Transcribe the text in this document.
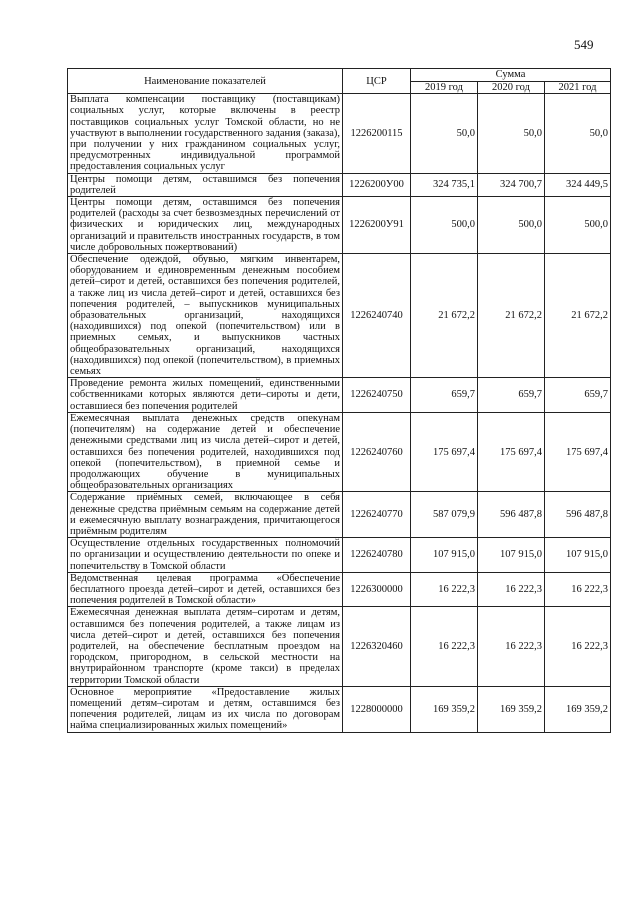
549
Наименование показателей	ЦСР	Сумма		
		2019 год	2020 год	2021 год
Выплата компенсации поставщику (поставщикам) социальных услуг, которые включены в реестр поставщиков социальных услуг Томской области, но не участвуют в выполнении государственного задания (заказа), при получении у них гражданином социальных услуг, предусмотренных индивидуальной программой предоставления социальных услуг	1226200115	50,0	50,0	50,0
Центры помощи детям, оставшимся без попечения родителей	1226200У00	324 735,1	324 700,7	324 449,5
Центры помощи детям, оставшимся без попечения родителей (расходы за счет безвозмездных перечислений от физических и юридических лиц, международных организаций и правительств иностранных государств, в том числе добровольных пожертвований)	1226200У91	500,0	500,0	500,0
Обеспечение одеждой, обувью, мягким инвентарем, оборудованием и единовременным денежным пособием детей–сирот и детей, оставшихся без попечения родителей, а также лиц из числа детей–сирот и детей, оставшихся без попечения родителей, – выпускников муниципальных образовательных организаций, находящихся (находившихся) под опекой (попечительством) или в приемных семьях, и выпускников частных общеобразовательных организаций, находящихся (находившихся) под опекой (попечительством), в приемных семьях	1226240740	21 672,2	21 672,2	21 672,2
Проведение ремонта жилых помещений, единственными собственниками которых являются дети–сироты и дети, оставшиеся без попечения родителей	1226240750	659,7	659,7	659,7
Ежемесячная выплата денежных средств опекунам (попечителям) на содержание детей и обеспечение денежными средствами лиц из числа детей–сирот и детей, оставшихся без попечения родителей, находившихся под опекой (попечительством), в приемной семье и продолжающих обучение в муниципальных общеобразовательных организациях	1226240760	175 697,4	175 697,4	175 697,4
Содержание приёмных семей, включающее в себя денежные средства приёмным семьям на содержание детей и ежемесячную выплату вознаграждения, причитающегося приёмным родителям	1226240770	587 079,9	596 487,8	596 487,8
Осуществление отдельных государственных полномочий по организации и осуществлению деятельности по опеке и попечительству в Томской области	1226240780	107 915,0	107 915,0	107 915,0
Ведомственная целевая программа «Обеспечение бесплатного проезда детей–сирот и детей, оставшихся без попечения родителей в Томской области»	1226300000	16 222,3	16 222,3	16 222,3
Ежемесячная денежная выплата детям–сиротам и детям, оставшимся без попечения родителей, а также лицам из числа детей–сирот и детей, оставшихся без попечения родителей, на обеспечение бесплатным проездом на городском, пригородном, в сельской местности на внутрирайонном транспорте (кроме такси) в пределах территории Томской области	1226320460	16 222,3	16 222,3	16 222,3
Основное мероприятие «Предоставление жилых помещений детям–сиротам и детям, оставшимся без попечения родителей, лицам из их числа по договорам найма специализированных жилых помещений»	1228000000	169 359,2	169 359,2	169 359,2
